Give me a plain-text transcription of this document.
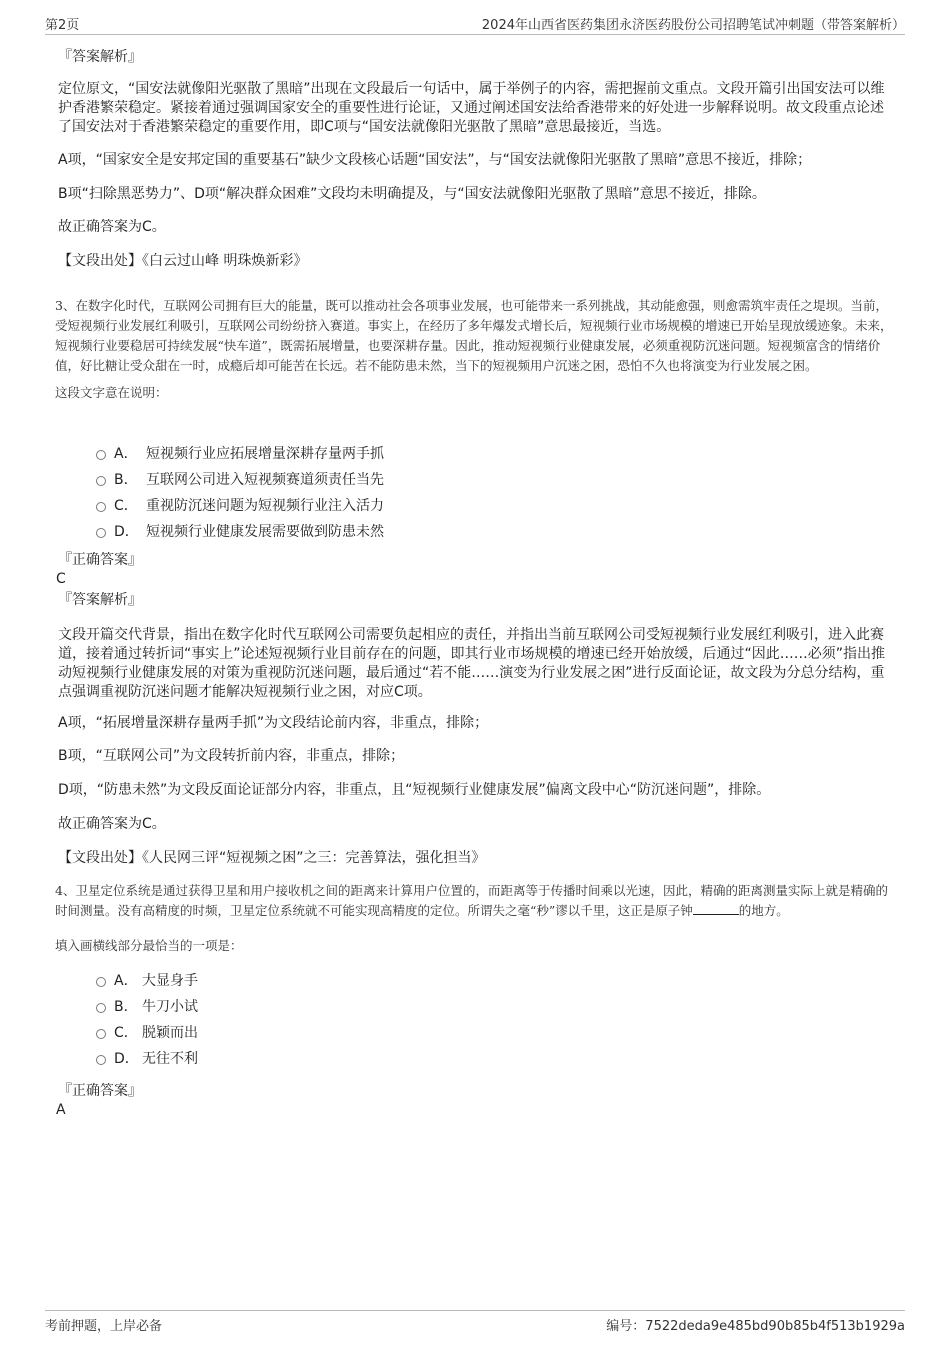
第2页	2024年山西省医药集团永济医药股份公司招聘笔试冲刺题（带答案解析）
『答案解析』
定位原文，“国安法就像阳光驱散了黑暗”出现在文段最后一句话中，属于举例子的内容，需把握前文重点。文段开篇引出国安法可以维护香港繁荣稳定。紧接着通过强调国家安全的重要性进行论证，又通过阐述国安法给香港带来的好处进一步解释说明。故文段重点论述了国安法对于香港繁荣稳定的重要作用，即C项与“国安法就像阳光驱散了黑暗”意思最接近，当选。
A项，“国家安全是安邦定国的重要基石”缺少文段核心话题“国安法”，与“国安法就像阳光驱散了黑暗”意思不接近，排除；
B项“扫除黑恶势力”、D项“解决群众困难”文段均未明确提及，与“国安法就像阳光驱散了黑暗”意思不接近，排除。
故正确答案为C。
【文段出处】《白云过山峰 明珠焕新彩》
3、在数字化时代，互联网公司拥有巨大的能量，既可以推动社会各项事业发展，也可能带来一系列挑战，其动能愈强，则愈需筑牢责任之堤坝。当前，受短视频行业发展红利吸引，互联网公司纷纷挤入赛道。事实上，在经历了多年爆发式增长后，短视频行业市场规模的增速已开始呈现放缓迹象。未来，短视频行业要稳居可持续发展“快车道”，既需拓展增量，也要深耕存量。因此，推动短视频行业健康发展，必须重视防沉迷问题。短视频富含的情绪价值，好比糖让受众甜在一时，成瘾后却可能苦在长远。若不能防患未然，当下的短视频用户沉迷之困，恐怕不久也将演变为行业发展之困。
这段文字意在说明：
A． 短视频行业应拓展增量深耕存量两手抓
B． 互联网公司进入短视频赛道须责任当先
C． 重视防沉迷问题为短视频行业注入活力
D． 短视频行业健康发展需要做到防患未然
『正确答案』
C
『答案解析』
文段开篇交代背景，指出在数字化时代互联网公司需要负起相应的责任，并指出当前互联网公司受短视频行业发展红利吸引，进入此赛道，接着通过转折词“事实上”论述短视频行业目前存在的问题，即其行业市场规模的增速已经开始放缓，后通过“因此……必须”指出推动短视频行业健康发展的对策为重视防沉迷问题，最后通过“若不能……演变为行业发展之困”进行反面论证，故文段为分总分结构，重点强调重视防沉迷问题才能解决短视频行业之困，对应C项。
A项，“拓展增量深耕存量两手抓”为文段结论前内容，非重点，排除；
B项，“互联网公司”为文段转折前内容，非重点，排除；
D项，“防患未然”为文段反面论证部分内容，非重点，且“短视频行业健康发展”偏离文段中心“防沉迷问题”，排除。
故正确答案为C。
【文段出处】《人民网三评“短视频之困”之三：完善算法，强化担当》
4、卫星定位系统是通过获得卫星和用户接收机之间的距离来计算用户位置的，而距离等于传播时间乘以光速，因此，精确的距离测量实际上就是精确的时间测量。没有高精度的时频，卫星定位系统就不可能实现高精度的定位。所谓失之毫“秒”谬以千里，这正是原子钟	的地方。
填入画横线部分最恰当的一项是：
A． 大显身手
B． 牛刀小试
C． 脱颖而出
D． 无往不利
『正确答案』
A
考前押题，上岸必备	编号：7522deda9e485bd90b85b4f513b1929a
